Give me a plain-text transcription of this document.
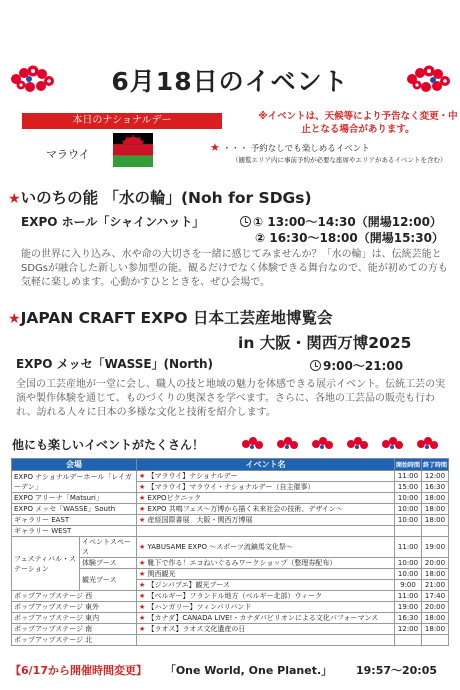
6月18日のイベント
本日のナショナルデー
マラウイ
※イベントは、天候等により予告なく変更・中止となる場合があります。
★ ・・・ 予約なしでも楽しめるイベント
（観覧エリア内に事前予約が必要な座席やエリアがあるイベントを含む）
★いのちの能 「水の輪」(Noh for SDGs)
EXPO ホール「シャインハット」	① 13:00～14:30（開場12:00）
② 16:30～18:00（開場15:30）
能の世界に入り込み、水や命の大切さを一緒に感じてみませんか？「水の輪」は、伝統芸能とSDGsが融合した新しい参加型の能。観るだけでなく体験できる舞台なので、能が初めての方も気軽に楽しめます。心動かすひとときを、ぜひ会場で。
★JAPAN CRAFT EXPO 日本工芸産地博覧会
in 大阪・関西万博2025
EXPO メッセ「WASSE」(North)	9:00～21:00
全国の工芸産地が一堂に会し、職人の技と地域の魅力を体感できる展示イベント。伝統工芸の実演や製作体験を通じて、ものづくりの奥深さを学べます。さらに、各地の工芸品の販売も行われ、訪れる人々に日本の多様な文化と技術を紹介します。
他にも楽しいイベントがたくさん！
会場		イベント名	開始時間	終了時間
EXPO ナショナルデーホール「レイガーデン」		★ 【マラウイ】ナショナルデー	11:00	12:00
		★ 【マラウイ】マラウイ・ナショナルデー（自主催事）	15:00	16:30
EXPO アリーナ「Matsuri」		★ EXPOピクニック	10:00	18:00
EXPO メッセ「WASSE」South		★ EXPO 共鳴フェス～万博から描く未来社会の技術、デザイン～	10:00	18:00
ギャラリー EAST		★ 産経国際書展　大阪・関西万博展	10:00	18:00
ギャラリー WEST				
フェスティバル・ステーション	イベントスペース	★ YABUSAME EXPO ～スポーツ流鏑馬文化祭～	11:00	19:00
	体験ブース	★ 靴下で作る！エコねいぐるみワークショップ（整理券配布）	10:00	20:00
	観光ブース	★ 関西観光	10:00	18:00
		★ 【ジンバブエ】観光ブース	9:00	21:00
ポップアップステージ 西		★ 【ベルギー】フランドル地方（ベルギー北部）ウィーク	11:00	17:40
ポップアップステージ 東外		★ 【ハンガリー】ツィンバリバンド	19:00	20:00
ポップアップステージ 東内		★ 【カナダ】CANADA LIVE!・カナダパビリオンによる文化パフォーマンス	16:30	18:00
ポップアップステージ 南		★ 【ラオス】ラオス文化遺産の日	12:00	18:00
ポップアップステージ 北				
【6/17から開催時間変更】 「One World, One Planet.」 19:57～20:05
